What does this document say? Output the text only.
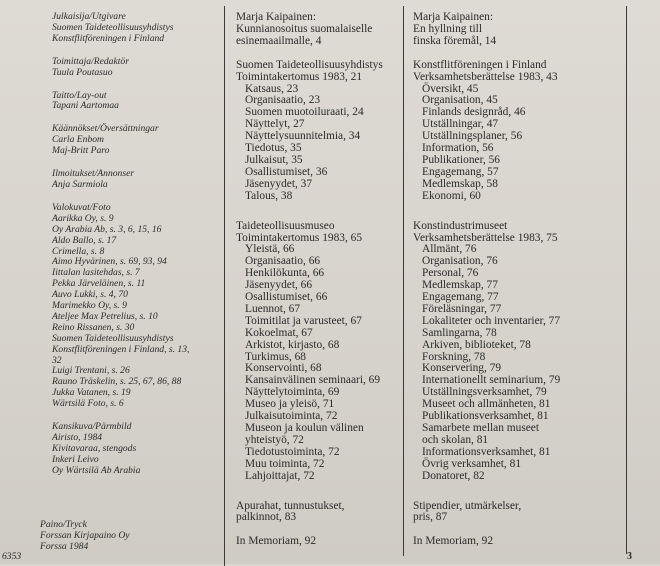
Julkaisija/Utgivare
Suomen Taideteollisuusyhdistys
Konstflitföreningen i Finland
Toimittaja/Redaktör
Tuula Poutasuo
Taitto/Lay-out
Tapani Aartomaa
Käännökset/Översättningar
Carla Enbom
Maj-Britt Paro
Ilmoitukset/Annonser
Anja Sarmiola
Valokuvat/Foto
Aarikka Oy, s. 9
Oy Arabia Ab, s. 3, 6, 15, 16
Aldo Ballo, s. 17
Crimella, s. 8
Aimo Hyvärinen, s. 69, 93, 94
Iittalan lasitehdas, s. 7
Pekka Järveläinen, s. 11
Auvo Lukki, s. 4, 70
Marimekko Oy, s. 9
Ateljee Max Petrelius, s. 10
Reino Rissanen, s. 30
Suomen Taideteollisuusyhdistys
Konstflitföreningen i Finland, s. 13,
32
Luigi Trentani, s. 26
Rauno Träskelin, s. 25, 67, 86, 88
Jukka Vatanen, s. 19
Wärtsilä Foto, s. 6
Kansikuva/Pärmbild
Airisto, 1984
Kivitavaraa, stengods
Inkeri Leivo
Oy Wärtsilä Ab Arabia
Marja Kaipainen:
Kunnianosoitus suomalaiselle
esinemaailmalle, 4
Suomen Taideteollisuusyhdistys
Toimintakertomus 1983, 21
Katsaus, 23
Organisaatio, 23
Suomen muotoiluraati, 24
Näyttelyt, 27
Näyttelysuunnitelmia, 34
Tiedotus, 35
Julkaisut, 35
Osallistumiset, 36
Jäsenyydet, 37
Talous, 38
Taideteollisuusmuseo
Toimintakertomus 1983, 65
Yleistä, 66
Organisaatio, 66
Henkilökunta, 66
Jäsenyydet, 66
Osallistumiset, 66
Luennot, 67
Toimitilat ja varusteet, 67
Kokoelmat, 67
Arkistot, kirjasto, 68
Turkimus, 68
Konservointi, 68
Kansainvälinen seminaari, 69
Näyttelytoiminta, 69
Museo ja yleisö, 71
Julkaisutoiminta, 72
Museon ja koulun välinen
yhteistyö, 72
Tiedotustoiminta, 72
Muu toiminta, 72
Lahjoittajat, 72
Apurahat, tunnustukset,
palkinnot, 83
In Memoriam, 92
Marja Kaipainen:
En hyllning till
finska föremål, 14
Konstflitföreningen i Finland
Verksamhetsberättelse 1983, 43
Översikt, 45
Organisation, 45
Finlands designråd, 46
Utställningar, 47
Utställningsplaner, 56
Information, 56
Publikationer, 56
Engagemang, 57
Medlemskap, 58
Ekonomi, 60
Konstindustrimuseet
Verksamhetsberättelse 1983, 75
Allmänt, 76
Organisation, 76
Personal, 76
Medlemskap, 77
Engagemang, 77
Föreläsningar, 77
Lokaliteter och inventarier, 77
Samlingarna, 78
Arkiven, biblioteket, 78
Forskning, 78
Konservering, 79
Internationellt seminarium, 79
Utställningsverksamhet, 79
Museet och allmänheten, 81
Publikationsverksamhet, 81
Samarbete mellan museet
och skolan, 81
Informationsverksamhet, 81
Övrig verksamhet, 81
Donatoret, 82
Stipendier, utmärkelser,
pris, 87
In Memoriam, 92
Paino/Tryck
Forssan Kirjapaino Oy
Forssa 1984
6353	3
